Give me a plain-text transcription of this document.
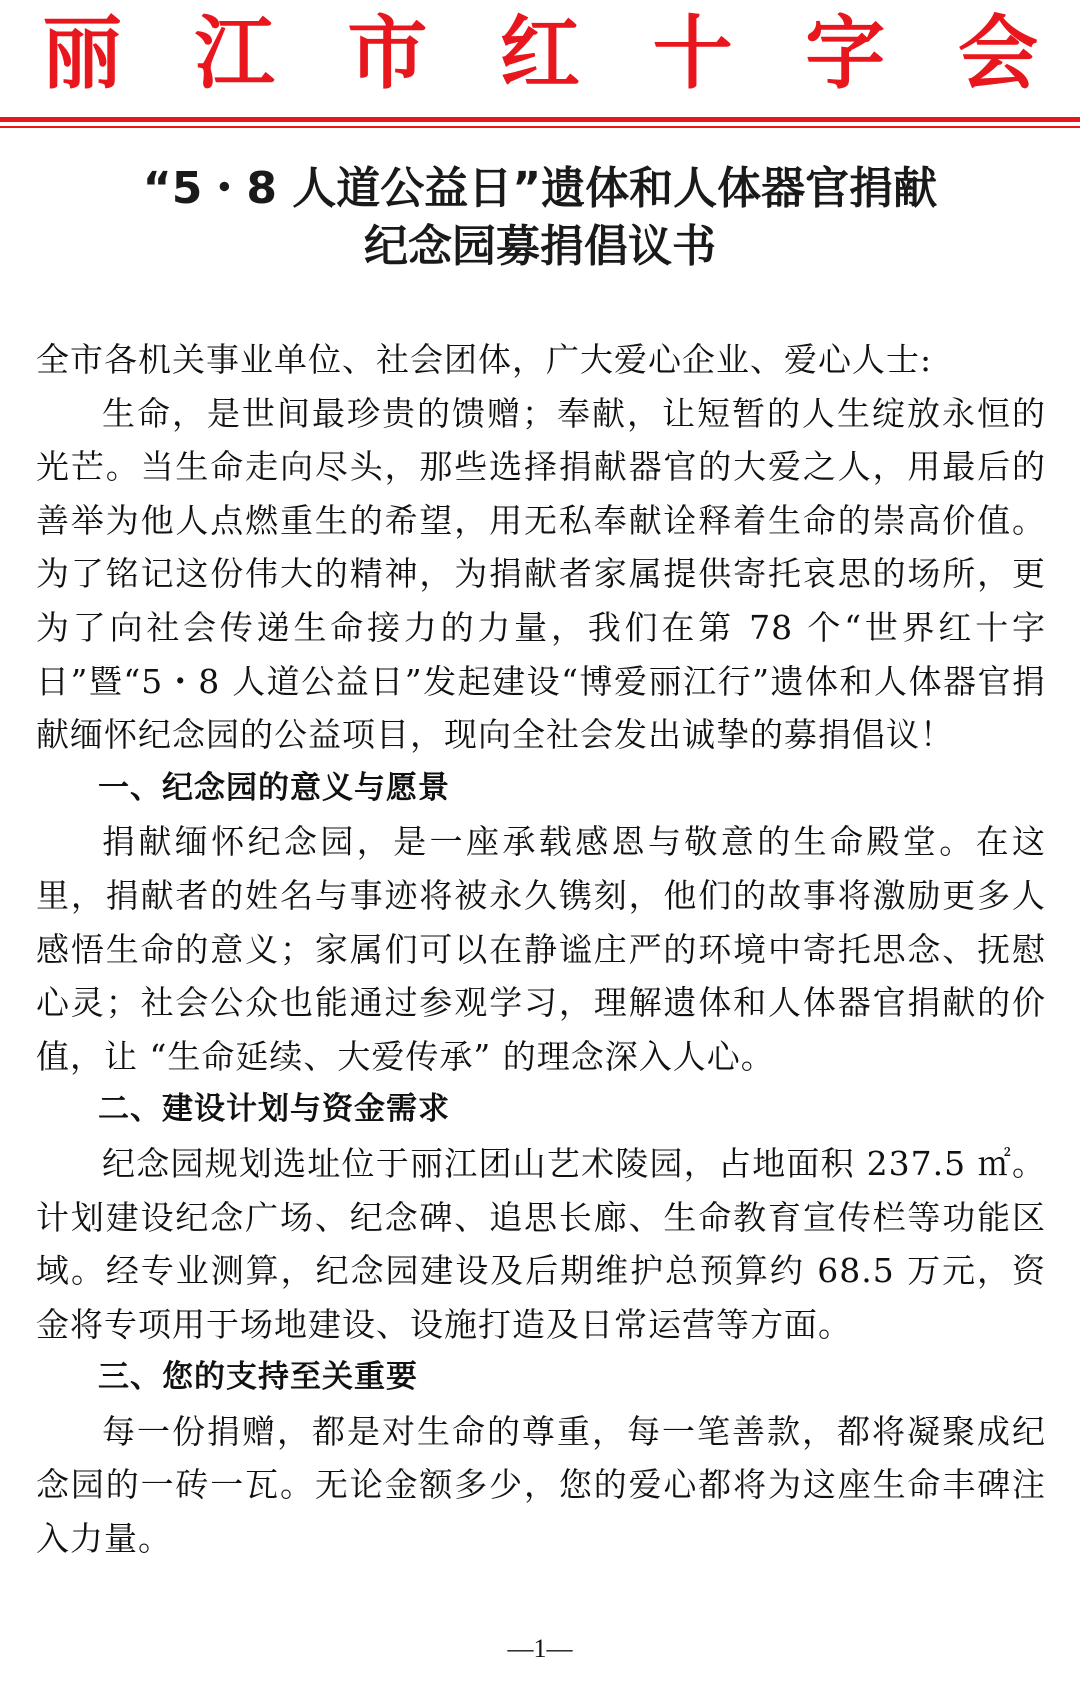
丽 江 市 红 十 字 会
“5・8 人道公益日”遗体和人体器官捐献
纪念园募捐倡议书

全市各机关事业单位、社会团体，广大爱心企业、爱心人士:

生命，是世间最珍贵的馈赠；奉献，让短暂的人生绽放永恒的光芒。当生命走向尽头，那些选择捐献器官的大爱之人，用最后的善举为他人点燃重生的希望，用无私奉献诠释着生命的崇高价值。为了铭记这份伟大的精神，为捐献者家属提供寄托哀思的场所，更为了向社会传递生命接力的力量，我们在第 78 个“世界红十字日”暨“5・8 人道公益日”发起建设“博爱丽江行”遗体和人体器官捐献缅怀纪念园的公益项目，现向全社会发出诚挚的募捐倡议！

一、纪念园的意义与愿景

捐献缅怀纪念园，是一座承载感恩与敬意的生命殿堂。在这里，捐献者的姓名与事迹将被永久镌刻，他们的故事将激励更多人感悟生命的意义；家属们可以在静谧庄严的环境中寄托思念、抚慰心灵；社会公众也能通过参观学习，理解遗体和人体器官捐献的价值，让 “生命延续、大爱传承” 的理念深入人心。

二、建设计划与资金需求

纪念园规划选址位于丽江团山艺术陵园，占地面积 237.5 ㎡。计划建设纪念广场、纪念碑、追思长廊、生命教育宣传栏等功能区域。经专业测算，纪念园建设及后期维护总预算约 68.5 万元，资金将专项用于场地建设、设施打造及日常运营等方面。

三、您的支持至关重要

每一份捐赠，都是对生命的尊重，每一笔善款，都将凝聚成纪念园的一砖一瓦。无论金额多少，您的爱心都将为这座生命丰碑注入力量。

—1—
